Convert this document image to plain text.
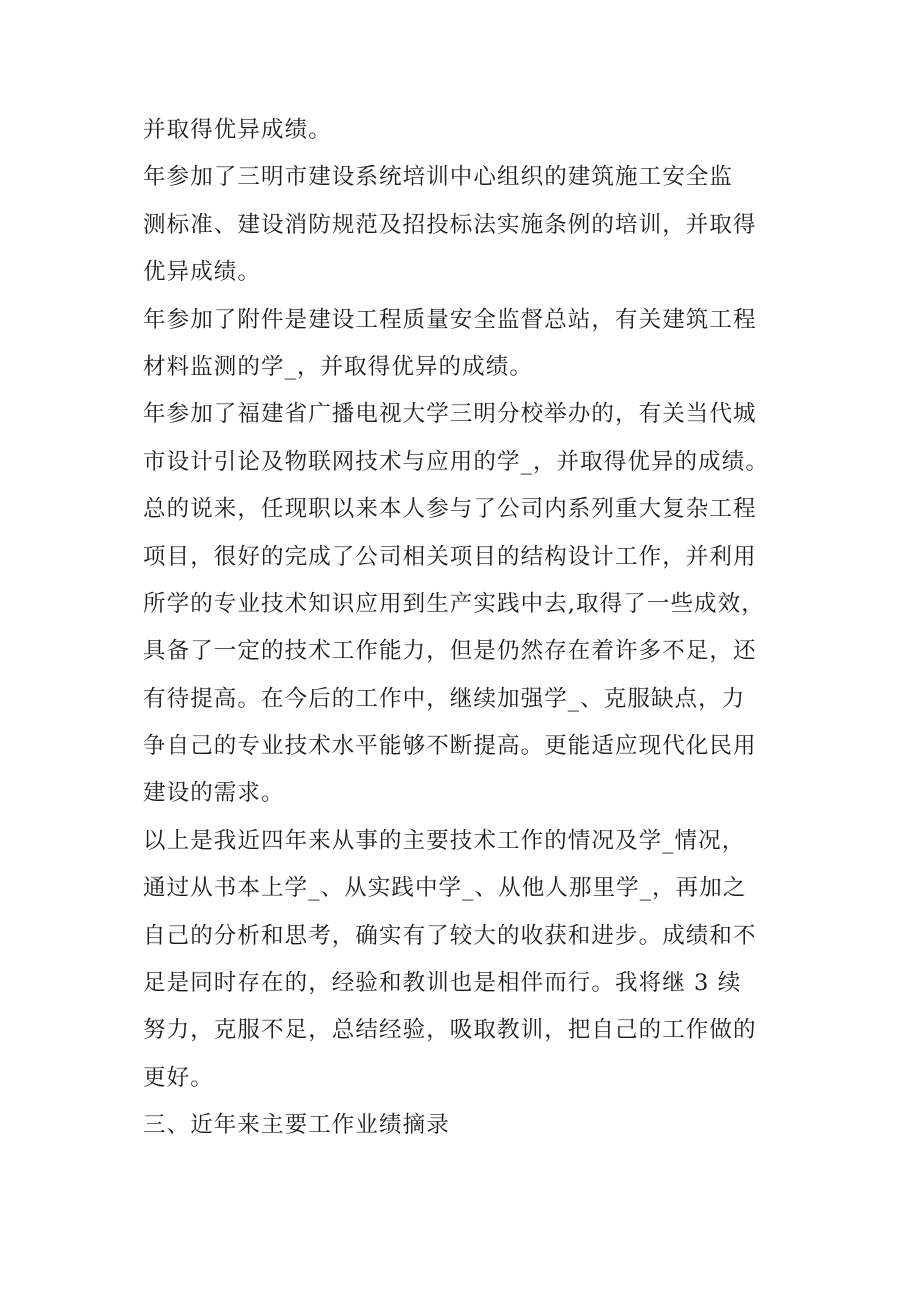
并取得优异成绩。
年参加了三明市建设系统培训中心组织的建筑施工安全监
测标准、建设消防规范及招投标法实施条例的培训，并取得
优异成绩。
年参加了附件是建设工程质量安全监督总站，有关建筑工程
材料监测的学_，并取得优异的成绩。
年参加了福建省广播电视大学三明分校举办的，有关当代城
市设计引论及物联网技术与应用的学_，并取得优异的成绩。
总的说来，任现职以来本人参与了公司内系列重大复杂工程
项目，很好的完成了公司相关项目的结构设计工作，并利用
所学的专业技术知识应用到生产实践中去,取得了一些成效，
具备了一定的技术工作能力，但是仍然存在着许多不足，还
有待提高。在今后的工作中，继续加强学_、克服缺点，力
争自己的专业技术水平能够不断提高。更能适应现代化民用
建设的需求。
以上是我近四年来从事的主要技术工作的情况及学_情况，
通过从书本上学_、从实践中学_、从他人那里学_，再加之
自己的分析和思考，确实有了较大的收获和进步。成绩和不
足是同时存在的，经验和教训也是相伴而行。我将继 3 续
努力，克服不足，总结经验，吸取教训，把自己的工作做的
更好。
三、近年来主要工作业绩摘录
